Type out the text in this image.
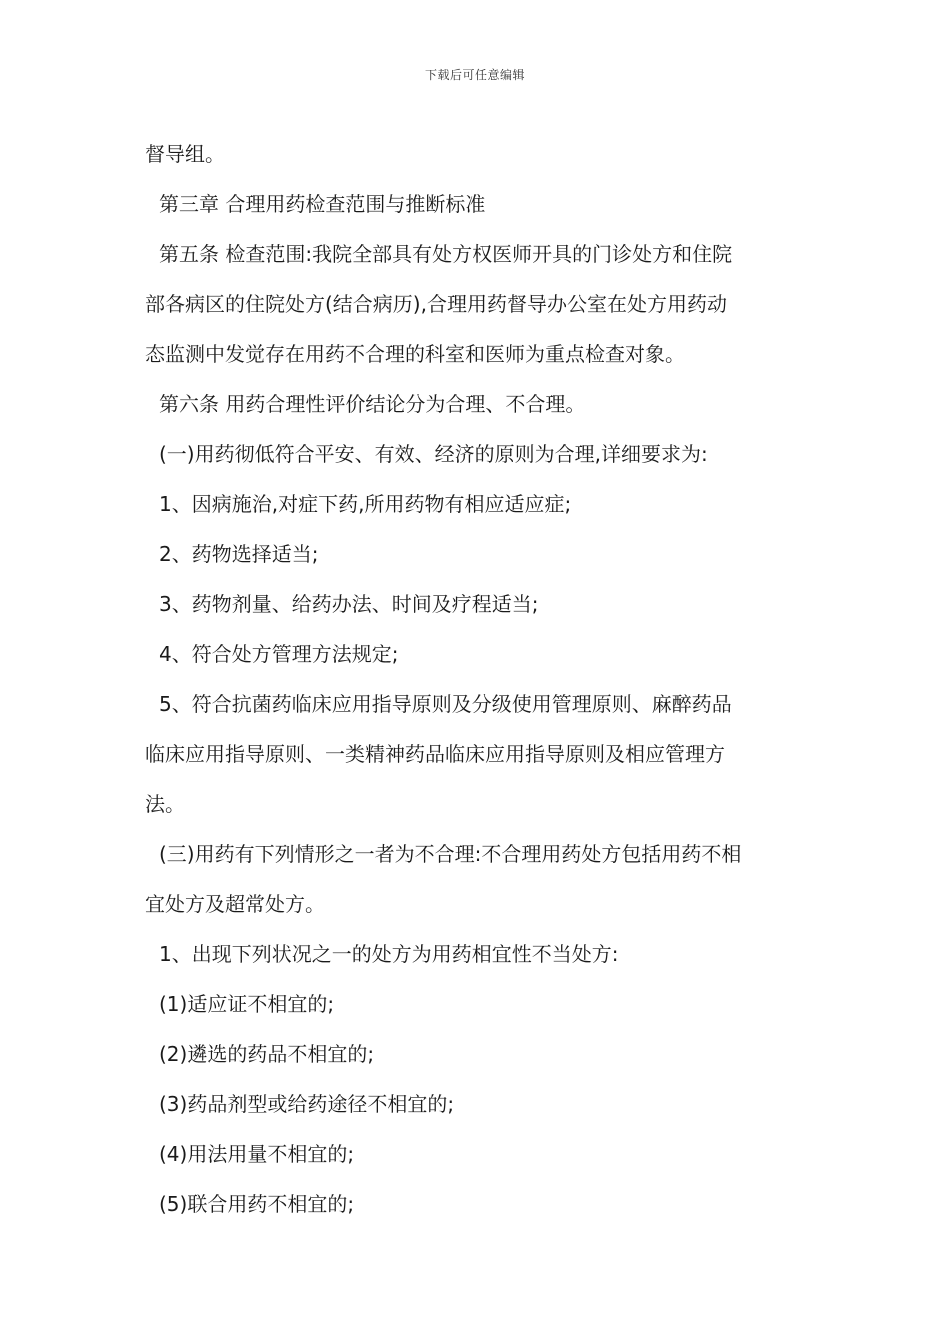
下载后可任意编辑
督导组。
第三章 合理用药检查范围与推断标准
第五条 检查范围:我院全部具有处方权医师开具的门诊处方和住院
部各病区的住院处方(结合病历),合理用药督导办公室在处方用药动
态监测中发觉存在用药不合理的科室和医师为重点检查对象。
第六条 用药合理性评价结论分为合理、不合理。
(一)用药彻低符合平安、有效、经济的原则为合理,详细要求为:
1、因病施治,对症下药,所用药物有相应适应症;
2、药物选择适当;
3、药物剂量、给药办法、时间及疗程适当;
4、符合处方管理方法规定;
5、符合抗菌药临床应用指导原则及分级使用管理原则、麻醉药品
临床应用指导原则、一类精神药品临床应用指导原则及相应管理方
法。
(三)用药有下列情形之一者为不合理:不合理用药处方包括用药不相
宜处方及超常处方。
1、出现下列状况之一的处方为用药相宜性不当处方:
(1)适应证不相宜的;
(2)遴选的药品不相宜的;
(3)药品剂型或给药途径不相宜的;
(4)用法用量不相宜的;
(5)联合用药不相宜的;
